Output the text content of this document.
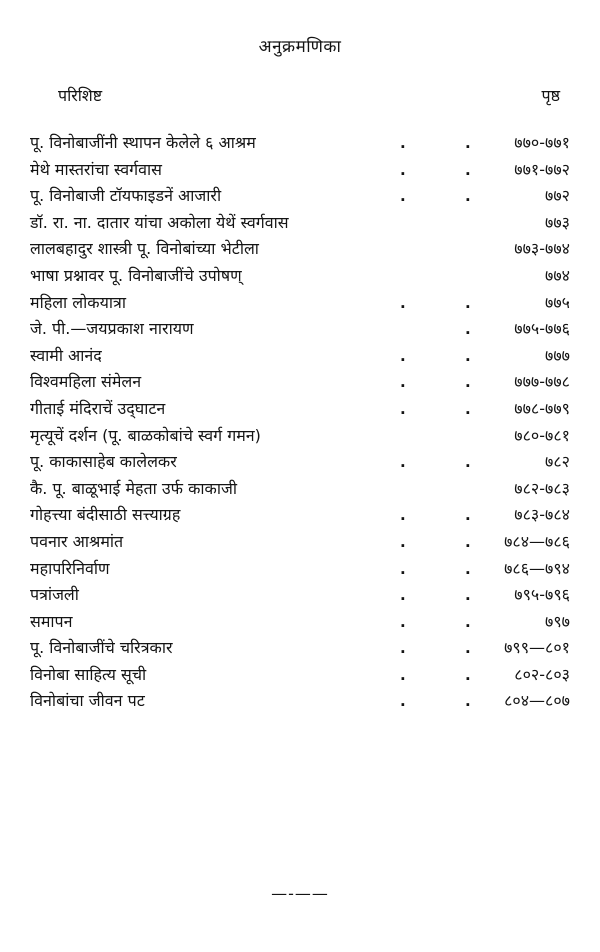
अनुक्रमणिका
परिशिष्ट	पृष्ठ
पू. विनोबाजींनी स्थापन केलेले ६ आश्रम	.	.	७७०-७७१
मेथे मास्तरांचा स्वर्गवास	.	.	७७१-७७२
पू. विनोबाजी टॉयफाइडनें आजारी	.	.	७७२
डॉ. रा. ना. दातार यांचा अकोला येथें स्वर्गवास	७७३
लालबहादुर शास्त्री पू. विनोबांच्या भेटीला	७७३-७७४
भाषा प्रश्नावर पू. विनोबाजींचे उपोषण्	७७४
महिला लोकयात्रा	.	.	७७५
जे. पी.—जयप्रकाश नारायण	.	७७५-७७६
स्वामी आनंद	.	.	७७७
विश्वमहिला संमेलन	.	.	७७७-७७८
गीताई मंदिराचें उद्‌घाटन	.	.	७७८-७७९
मृत्यूचें दर्शन (पू. बाळकोबांचे स्वर्ग गमन)	७८०-७८१
पू. काकासाहेब कालेलकर	.	.	७८२
कै. पू. बाळूभाई मेहता उर्फ काकाजी	७८२-७८३
गोहत्त्या बंदीसाठी सत्त्याग्रह	.	.	७८३-७८४
पवनार आश्रमांत	.	. ७८४—७८६
महापरिनिर्वाण	.	. ७८६—७९४
पत्रांजली	.	.	७९५-७९६
समापन	.	.	७९७
पू. विनोबाजींचे चरित्रकार	.	. ७९९—८०१
विनोबा साहित्य सूची	.	.	८०२-८०३
विनोबांचा जीवन पट	.	. ८०४—८०७
—-——
